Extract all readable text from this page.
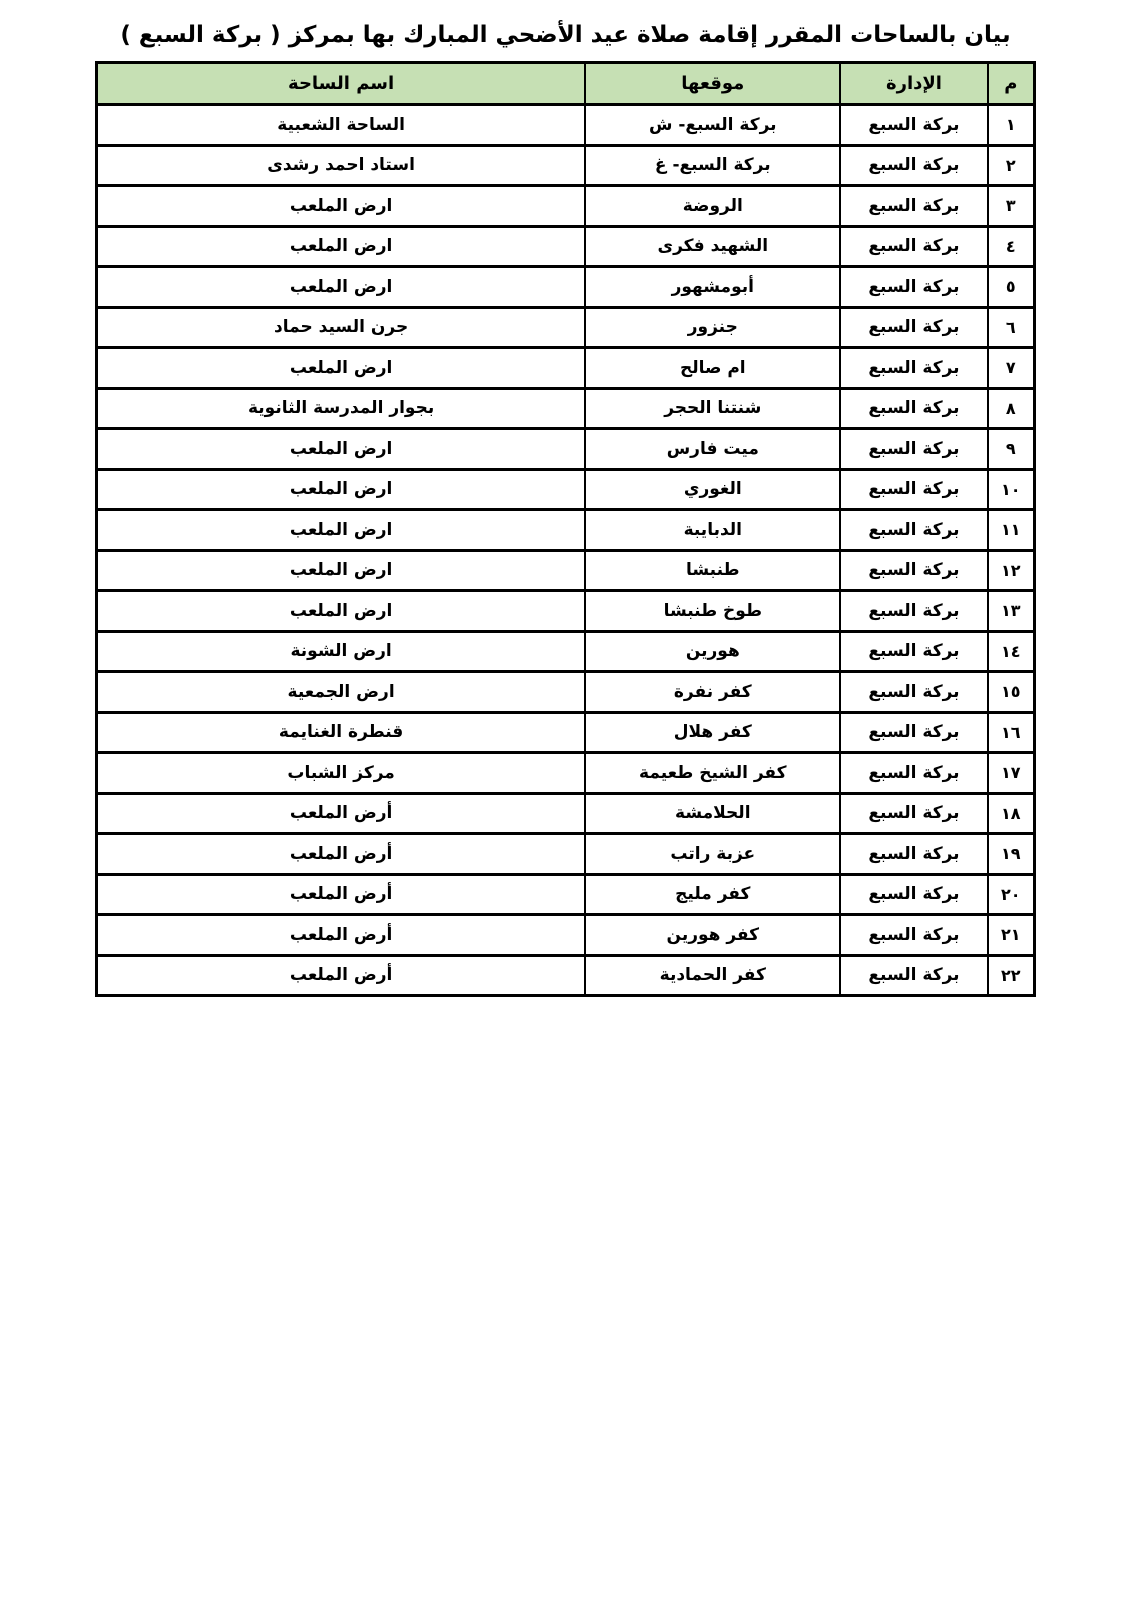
بيان بالساحات المقرر إقامة صلاة عيد الأضحي المبارك بها بمركز ( بركة السبع )
م	الإدارة	موقعها	اسم الساحة
١	بركة السبع	بركة السبع- ش	الساحة الشعبية
٢	بركة السبع	بركة السبع- غ	استاد احمد رشدى
٣	بركة السبع	الروضة	ارض الملعب
٤	بركة السبع	الشهيد فكرى	ارض الملعب
٥	بركة السبع	أبومشهور	ارض الملعب
٦	بركة السبع	جنزور	جرن السيد حماد
٧	بركة السبع	ام صالح	ارض الملعب
٨	بركة السبع	شنتنا الحجر	بجوار المدرسة الثانوية
٩	بركة السبع	ميت فارس	ارض الملعب
١٠	بركة السبع	الغوري	ارض الملعب
١١	بركة السبع	الدبايبة	ارض الملعب
١٢	بركة السبع	طنبشا	ارض الملعب
١٣	بركة السبع	طوخ طنبشا	ارض الملعب
١٤	بركة السبع	هورين	ارض الشونة
١٥	بركة السبع	كفر نفرة	ارض الجمعية
١٦	بركة السبع	كفر هلال	قنطرة الغنايمة
١٧	بركة السبع	كفر الشيخ طعيمة	مركز الشباب
١٨	بركة السبع	الحلامشة	أرض الملعب
١٩	بركة السبع	عزبة راتب	أرض الملعب
٢٠	بركة السبع	كفر مليج	أرض الملعب
٢١	بركة السبع	كفر هورين	أرض الملعب
٢٢	بركة السبع	كفر الحمادية	أرض الملعب
